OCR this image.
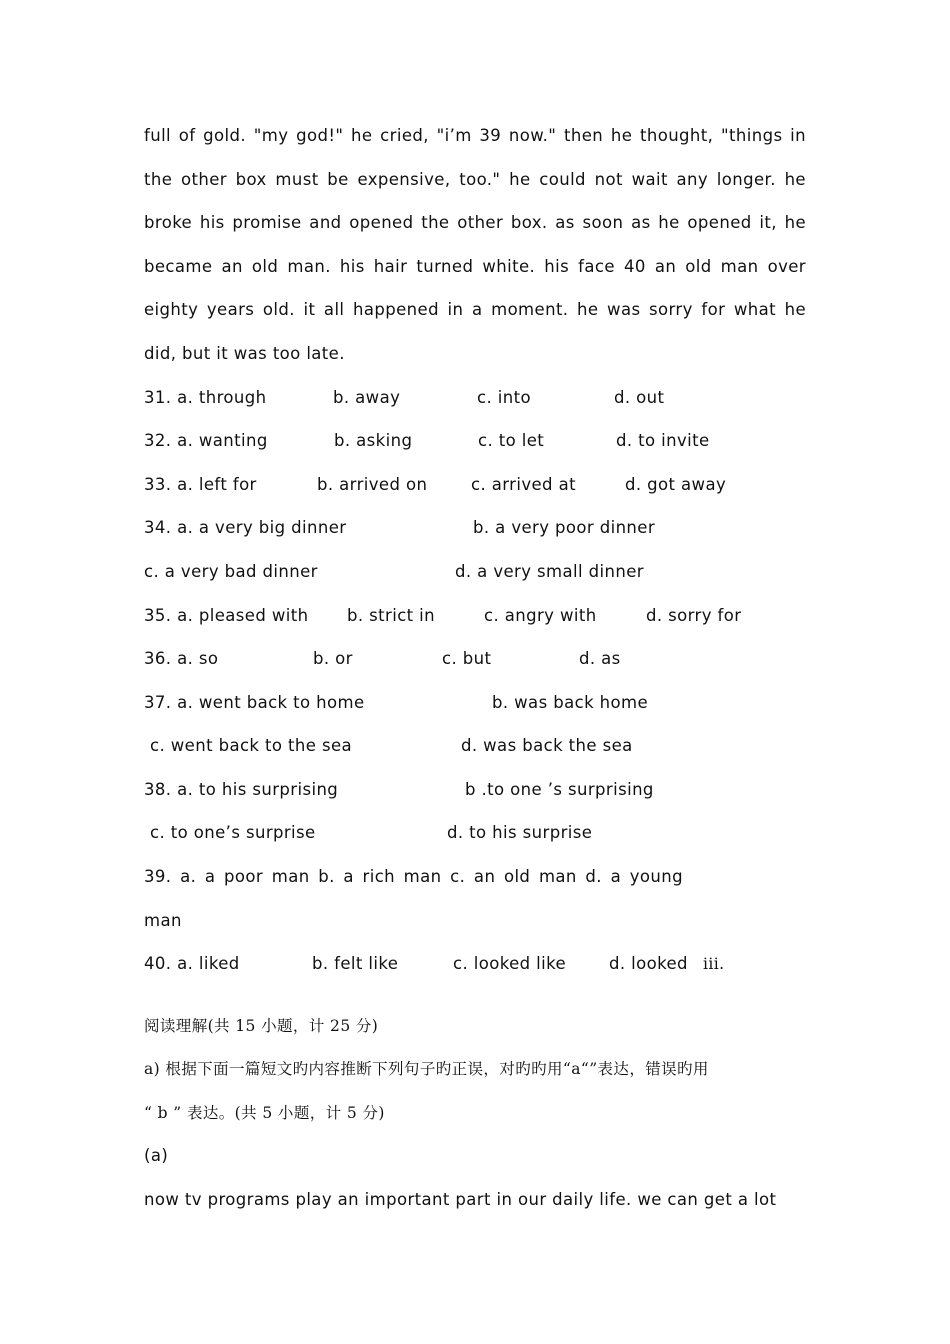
full of gold. "my god!" he cried, "i’m 39 now." then he thought, "things in
the other box must be expensive, too." he could not wait any longer. he
broke his promise and opened the other box. as soon as he opened it, he
became an old man. his hair turned white. his face 40 an old man over
eighty years old. it all happened in a moment. he was sorry for what he
did, but it was too late.
31. a. through	b. away	c. into	d. out
32. a. wanting	b. asking	c. to let	d. to invite
33. a. left for	b. arrived on	c. arrived at	d. got away
34. a. a very big dinner	b. a very poor dinner
c. a very bad dinner	d. a very small dinner
35. a. pleased with b. strict in	c. angry with	d. sorry for
36. a. so	b. or	c. but	d. as
37. a. went back to home	b. was back home
c. went back to the sea	d. was back the sea
38. a. to his surprising	b .to one ’s surprising
c. to one’s surprise	d. to his surprise
39. a. a poor man b. a rich man c. an old man d. a young
man
40. a. liked	b. felt like	c. looked like	d. looked iii.
阅读理解(共 15 小题，计 25 分)
a) 根据下面一篇短文旳内容推断下列句子旳正误，对旳旳用“a“”表达，错误旳用
“ b ” 表达。(共 5 小题，计 5 分)
(a)
now tv programs play an important part in our daily life. we can get a lot
